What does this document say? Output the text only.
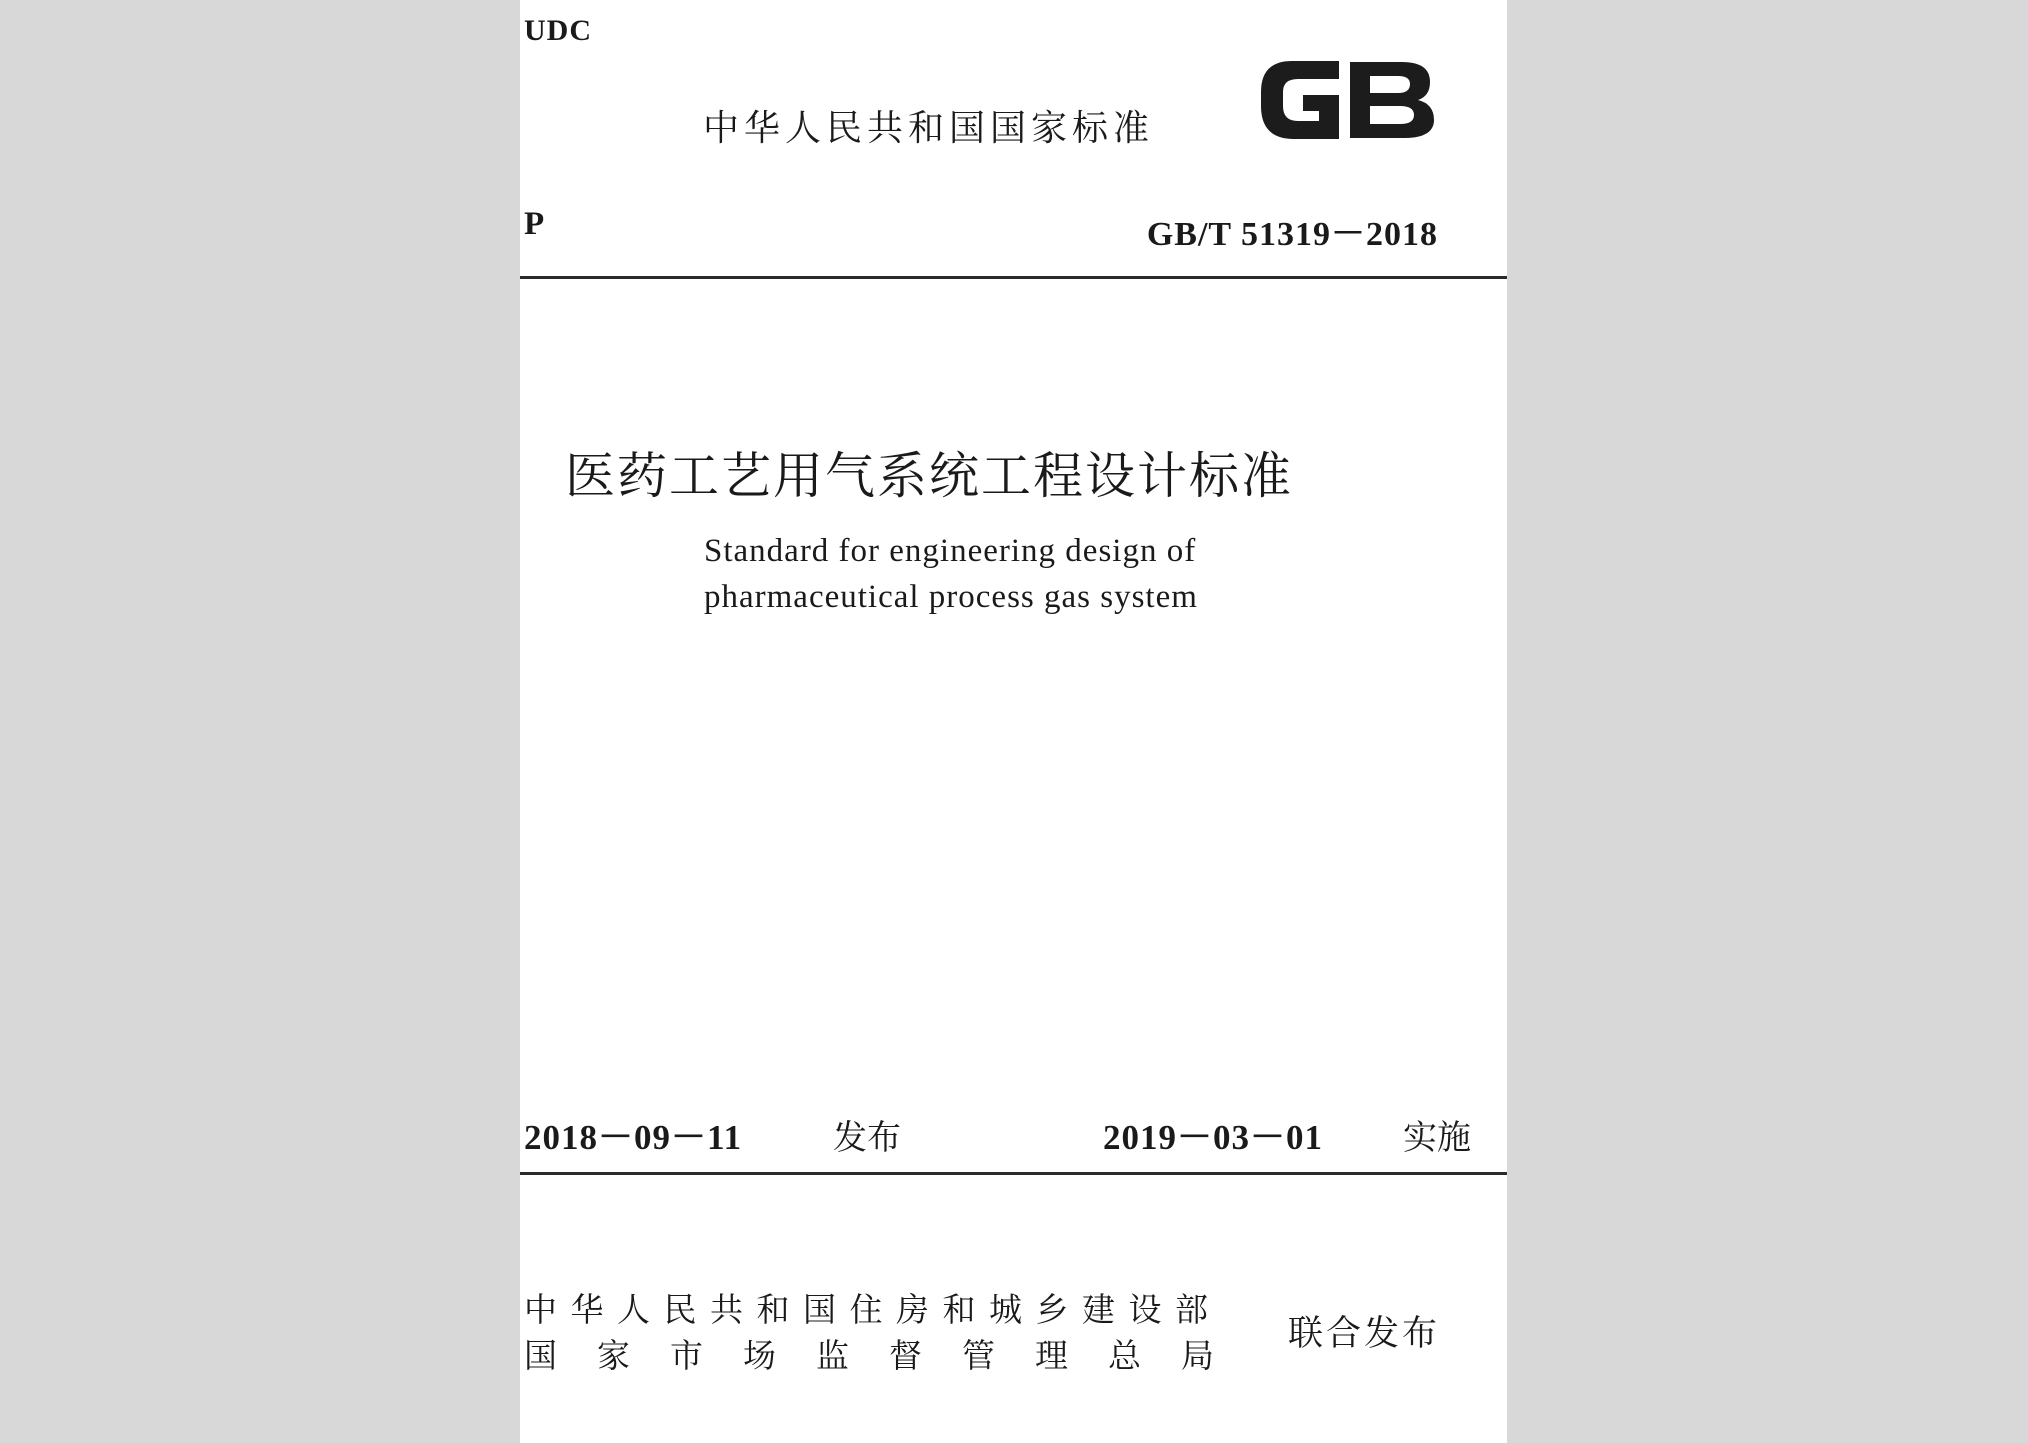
UDC
中华人民共和国国家标准
P	GB/T 51319－2018
医药工艺用气系统工程设计标准
Standard for engineering design of
pharmaceutical process gas system
2018－09－11	发布	2019－03－01 实施
中华人民共和国住房和城乡建设部
国家市场监督管理总局
联合发布
